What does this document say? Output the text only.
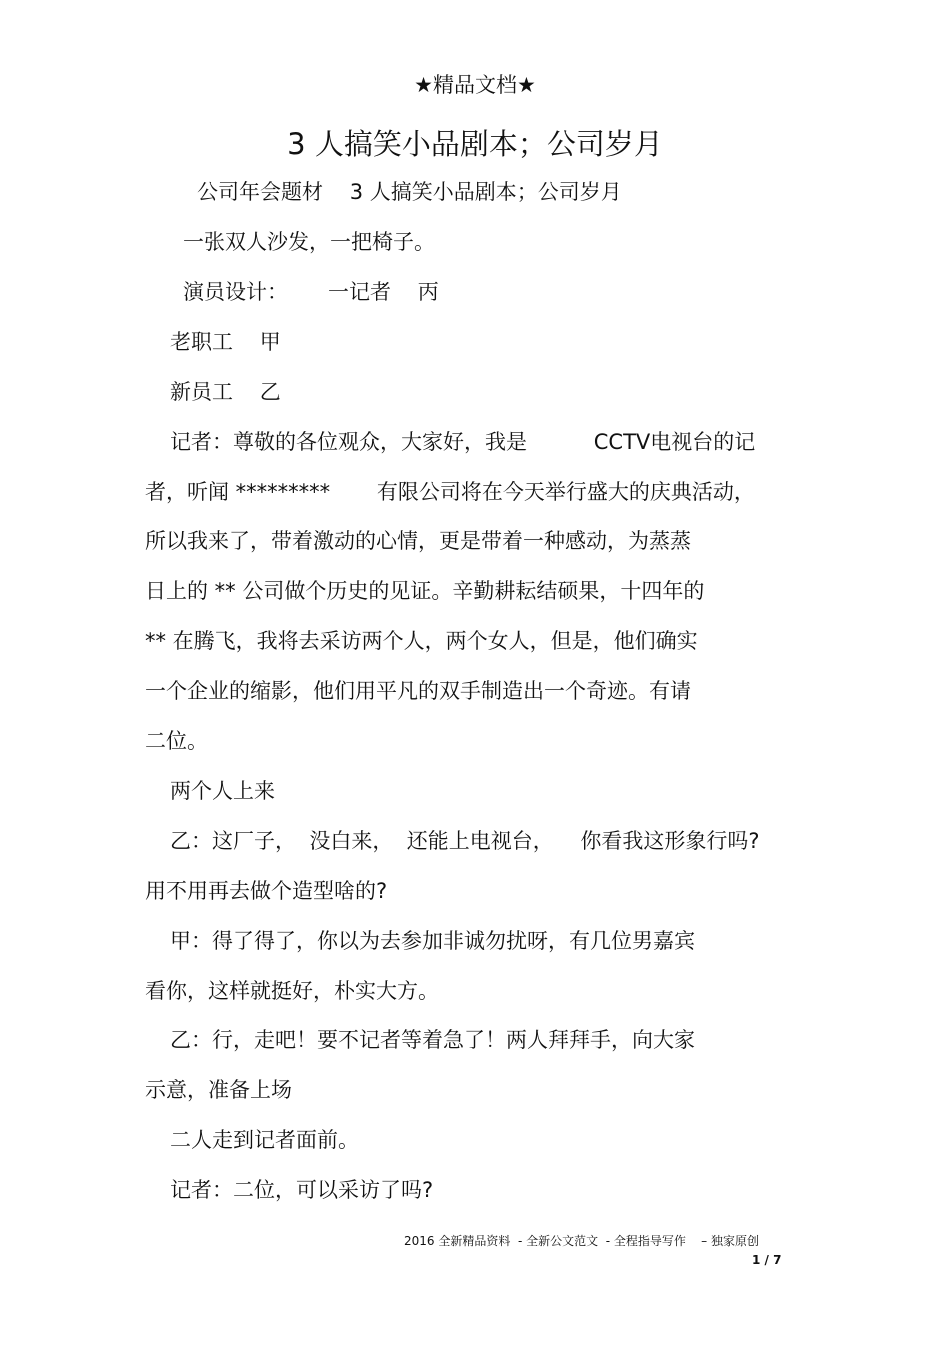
★精品文档★
3 人搞笑小品剧本；公司岁月
公司年会题材    3 人搞笑小品剧本；公司岁月
一张双人沙发，一把椅子。
演员设计：      一记者    丙
老职工    甲
新员工    乙
记者：尊敬的各位观众，大家好，我是          CCTV电视台的记
者，听闻 *********       有限公司将在今天举行盛大的庆典活动，
所以我来了，带着激动的心情，更是带着一种感动，为蒸蒸
日上的 ** 公司做个历史的见证。辛勤耕耘结硕果，十四年的
** 在腾飞，我将去采访两个人，两个女人，但是，他们确实
一个企业的缩影，他们用平凡的双手制造出一个奇迹。有请
二位。
两个人上来
乙：这厂子，  没白来，  还能上电视台，    你看我这形象行吗?
用不用再去做个造型啥的?
甲：得了得了，你以为去参加非诚勿扰呀，有几位男嘉宾
看你，这样就挺好，朴实大方。
乙：行，走吧！要不记者等着急了！两人拜拜手，向大家
示意，准备上场
二人走到记者面前。
记者：二位，可以采访了吗?
2016 全新精品资料  - 全新公文范文  - 全程指导写作    – 独家原创
1 / 7
